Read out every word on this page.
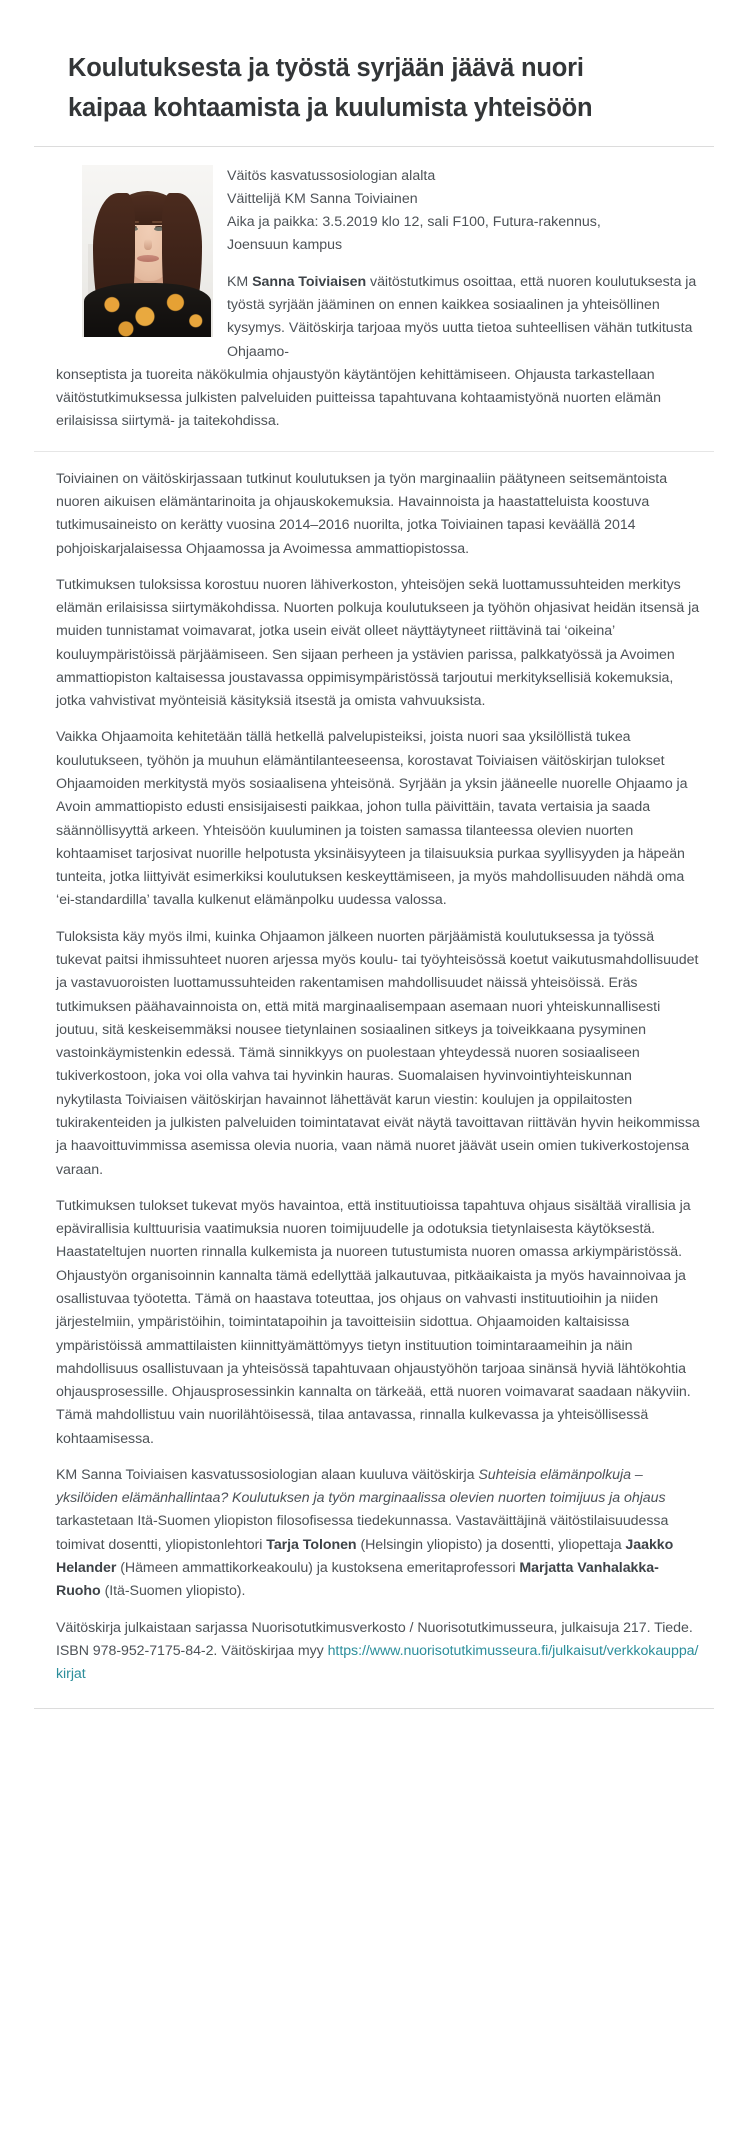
Koulutuksesta ja työstä syrjään jäävä nuori
kaipaa kohtaamista ja kuulumista yhteisöön

Väitös kasvatussosiologian alalta

Väittelijä KM Sanna Toiviainen

Aika ja paikka: 3.5.2019 klo 12, sali F100, Futura-rakennus,

Joensuun kampus

KM Sanna Toiviaisen väitöstutkimus osoittaa, että nuoren koulutuksesta ja työstä syrjään jääminen on ennen kaikkea sosiaalinen ja yhteisöllinen kysymys. Väitöskirja tarjoaa myös uutta tietoa suhteellisen vähän tutkitusta Ohjaamo-

konseptista ja tuoreita näkökulmia ohjaustyön käytäntöjen kehittämiseen. Ohjausta tarkastellaan väitöstutkimuksessa julkisten palveluiden puitteissa tapahtuvana kohtaamistyönä nuorten elämän erilaisissa siirtymä- ja taitekohdissa.

Toiviainen on väitöskirjassaan tutkinut koulutuksen ja työn marginaaliin päätyneen seitsemäntoista nuoren aikuisen elämäntarinoita ja ohjauskokemuksia. Havainnoista ja haastatteluista koostuva tutkimusaineisto on kerätty vuosina 2014–2016 nuorilta, jotka Toiviainen tapasi keväällä 2014 pohjoiskarjalaisessa Ohjaamossa ja Avoimessa ammattiopistossa.

Tutkimuksen tuloksissa korostuu nuoren lähiverkoston, yhteisöjen sekä luottamussuhteiden merkitys elämän erilaisissa siirtymäkohdissa. Nuorten polkuja koulutukseen ja työhön ohjasivat heidän itsensä ja muiden tunnistamat voimavarat, jotka usein eivät olleet näyttäytyneet riittävinä tai ‘oikeina’ kouluympäristöissä pärjäämiseen. Sen sijaan perheen ja ystävien parissa, palkkatyössä ja Avoimen ammattiopiston kaltaisessa joustavassa oppimisympäristössä tarjoutui merkityksellisiä kokemuksia, jotka vahvistivat myönteisiä käsityksiä itsestä ja omista vahvuuksista.

Vaikka Ohjaamoita kehitetään tällä hetkellä palvelupisteiksi, joista nuori saa yksilöllistä tukea koulutukseen, työhön ja muuhun elämäntilanteeseensa, korostavat Toiviaisen väitöskirjan tulokset Ohjaamoiden merkitystä myös sosiaalisena yhteisönä. Syrjään ja yksin jääneelle nuorelle Ohjaamo ja Avoin ammattiopisto edusti ensisijaisesti paikkaa, johon tulla päivittäin, tavata vertaisia ja saada säännöllisyyttä arkeen. Yhteisöön kuuluminen ja toisten samassa tilanteessa olevien nuorten kohtaamiset tarjosivat nuorille helpotusta yksinäisyyteen ja tilaisuuksia purkaa syyllisyyden ja häpeän tunteita, jotka liittyivät esimerkiksi koulutuksen keskeyttämiseen, ja myös mahdollisuuden nähdä oma ‘ei-standardilla’ tavalla kulkenut elämänpolku uudessa valossa.

Tuloksista käy myös ilmi, kuinka Ohjaamon jälkeen nuorten pärjäämistä koulutuksessa ja työssä tukevat paitsi ihmissuhteet nuoren arjessa myös koulu- tai työyhteisössä koetut vaikutusmahdollisuudet ja vastavuoroisten luottamussuhteiden rakentamisen mahdollisuudet näissä yhteisöissä. Eräs tutkimuksen päähavainnoista on, että mitä marginaalisempaan asemaan nuori yhteiskunnallisesti joutuu, sitä keskeisemmäksi nousee tietynlainen sosiaalinen sitkeys ja toiveikkaana pysyminen vastoinkäymistenkin edessä. Tämä sinnikkyys on puolestaan yhteydessä nuoren sosiaaliseen tukiverkostoon, joka voi olla vahva tai hyvinkin hauras. Suomalaisen hyvinvointiyhteiskunnan nykytilasta Toiviaisen väitöskirjan havainnot lähettävät karun viestin: koulujen ja oppilaitosten tukirakenteiden ja julkisten palveluiden toimintatavat eivät näytä tavoittavan riittävän hyvin heikommissa ja haavoittuvimmissa asemissa olevia nuoria, vaan nämä nuoret jäävät usein omien tukiverkostojensa varaan.

Tutkimuksen tulokset tukevat myös havaintoa, että instituutioissa tapahtuva ohjaus sisältää virallisia ja epävirallisia kulttuurisia vaatimuksia nuoren toimijuudelle ja odotuksia tietynlaisesta käytöksestä. Haastateltujen nuorten rinnalla kulkemista ja nuoreen tutustumista nuoren omassa arkiympäristössä. Ohjaustyön organisoinnin kannalta tämä edellyttää jalkautuvaa, pitkäaikaista ja myös havainnoivaa ja osallistuvaa työotetta. Tämä on haastava toteuttaa, jos ohjaus on vahvasti instituutioihin ja niiden järjestelmiin, ympäristöihin, toimintatapoihin ja tavoitteisiin sidottua. Ohjaamoiden kaltaisissa ympäristöissä ammattilaisten kiinnittyämättömyys tietyn instituution toimintaraameihin ja näin mahdollisuus osallistuvaan ja yhteisössä tapahtuvaan ohjaustyöhön tarjoaa sinänsä hyviä lähtökohtia ohjausprosessille. Ohjausprosessinkin kannalta on tärkeää, että nuoren voimavarat saadaan näkyviin. Tämä mahdollistuu vain nuorilähtöisessä, tilaa antavassa, rinnalla kulkevassa ja yhteisöllisessä kohtaamisessa.

KM Sanna Toiviaisen kasvatussosiologian alaan kuuluva väitöskirja Suhteisia elämänpolkuja – yksilöiden elämänhallintaa? Koulutuksen ja työn marginaalissa olevien nuorten toimijuus ja ohjaus tarkastetaan Itä-Suomen yliopiston filosofisessa tiedekunnassa. Vastaväittäjinä väitöstilaisuudessa toimivat dosentti, yliopistonlehtori Tarja Tolonen (Helsingin yliopisto) ja dosentti, yliopettaja Jaakko Helander (Hämeen ammattikorkeakoulu) ja kustoksena emeritaprofessori Marjatta Vanhalakka-Ruoho (Itä-Suomen yliopisto).

Väitöskirja julkaistaan sarjassa Nuorisotutkimusverkosto / Nuorisotutkimusseura, julkaisuja 217. Tiede. ISBN 978-952-7175-84-2. Väitöskirjaa myy https://www.nuorisotutkimusseura.fi/julkaisut/verkkokauppa/kirjat
